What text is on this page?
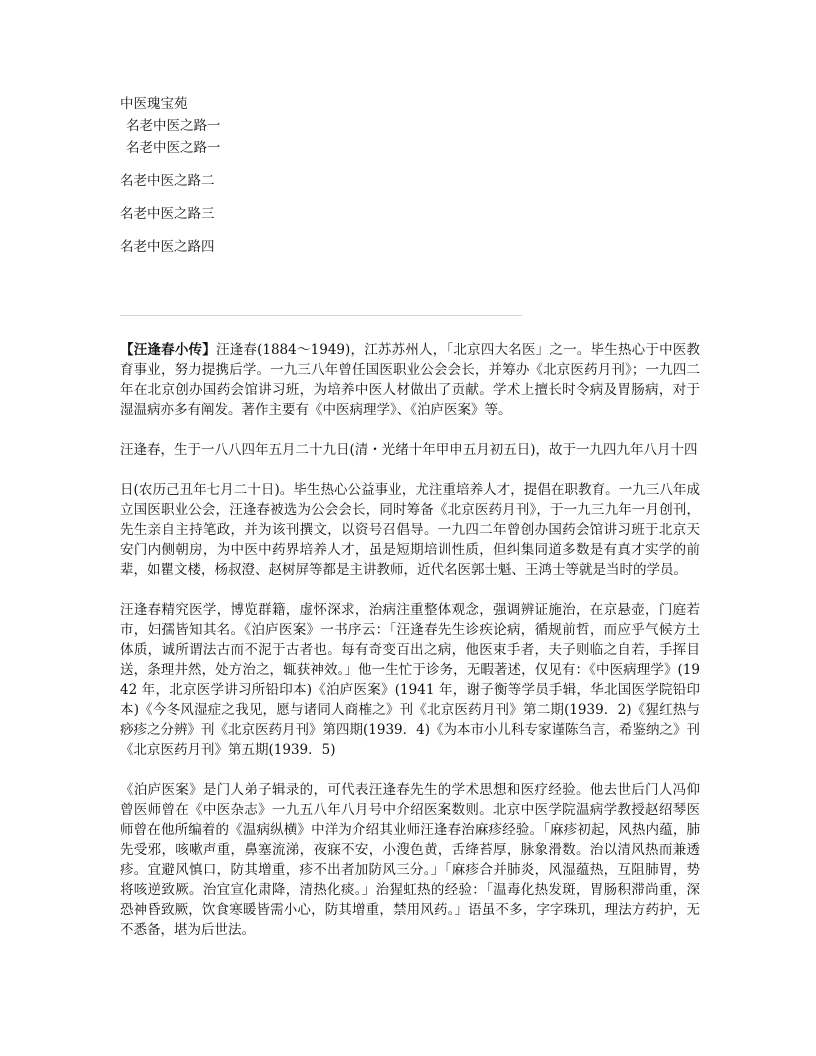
中医瑰宝苑
名老中医之路一
名老中医之路一
名老中医之路二
名老中医之路三
名老中医之路四
________________________________________________________________________________

【汪逢春小传】汪逢春(1884～1949)，江苏苏州人，「北京四大名医」之一。毕生热心于中医教育事业，努力提携后学。一九三八年曾任国医职业公会会长，并筹办《北京医药月刊》；一九四二年在北京创办国药会馆讲习班，为培养中医人材做出了贡献。学术上擅长时令病及胃肠病，对于湿温病亦多有阐发。著作主要有《中医病理学》、《泊庐医案》等。

汪逢春，生于一八八四年五月二十九日(清・光绪十年甲申五月初五日)，故于一九四九年八月十四

日(农历己丑年七月二十日)。毕生热心公益事业，尤注重培养人才，提倡在职教育。一九三八年成立国医职业公会，汪逢春被选为公会会长，同时筹备《北京医药月刊》，于一九三九年一月创刊，先生亲自主持笔政，并为该刊撰文，以资号召倡导。一九四二年曾创办国药会馆讲习班于北京天安门内侧朝房，为中医中药界培养人才，虽是短期培训性质，但纠集同道多数是有真才实学的前辈，如瞿文楼，杨叔澄、赵树屏等都是主讲教师，近代名医郭士魁、王鸿士等就是当时的学员。

汪逢春精究医学，博览群籍，虚怀深求，治病注重整体观念，强调辨证施治，在京悬壶，门庭若市，妇孺皆知其名。《泊庐医案》一书序云：「汪逢春先生诊疾论病，循规前哲，而应乎气候方土体质，诚所谓法古而不泥于古者也。每有奇变百出之病，他医束手者，夫子则临之自若，手挥目送，条理井然，处方治之，辄获神效。」他一生忙于诊务，无暇著述，仅见有：《中医病理学》(1942 年，北京医学讲习所铅印本)《泊庐医案》(1941 年，谢子衡等学员手辑，华北国医学院铅印本)《今冬风湿症之我见，愿与诸同人商榷之》刊《北京医药月刊》第二期(1939．2)《猩红热与痧疹之分辨》刊《北京医药月刊》第四期(1939．4)《为本市小儿科专家谨陈刍言，希鉴纳之》刊《北京医药月刊》第五期(1939．5)

《泊庐医案》是门人弟子辑录的，可代表汪逢春先生的学术思想和医疗经验。他去世后门人冯仰曾医师曾在《中医杂志》一九五八年八月号中介绍医案数则。北京中医学院温病学教授赵绍琴医师曾在他所编着的《温病纵横》中洋为介绍其业师汪逢春治麻疹经验。「麻疹初起，风热内蕴，肺先受邪，咳嗽声重，鼻塞流涕，夜寐不安，小溲色黄，舌绛苔厚，脉象滑数。治以清风热而兼透疹。宜避风慎口，防其增重，疹不出者加防风三分。」「麻疹合并肺炎，风湿蕴热，互阻肺胃，势将咳逆致厥。治宜宣化肃降，清热化痰。」治猩虹热的经验：「温毒化热发斑，胃肠积滞尚重，深恐神昏致厥，饮食寒暖皆需小心，防其增重，禁用风药。」语虽不多，字字珠玑，理法方药护，无不悉备，堪为后世法。
